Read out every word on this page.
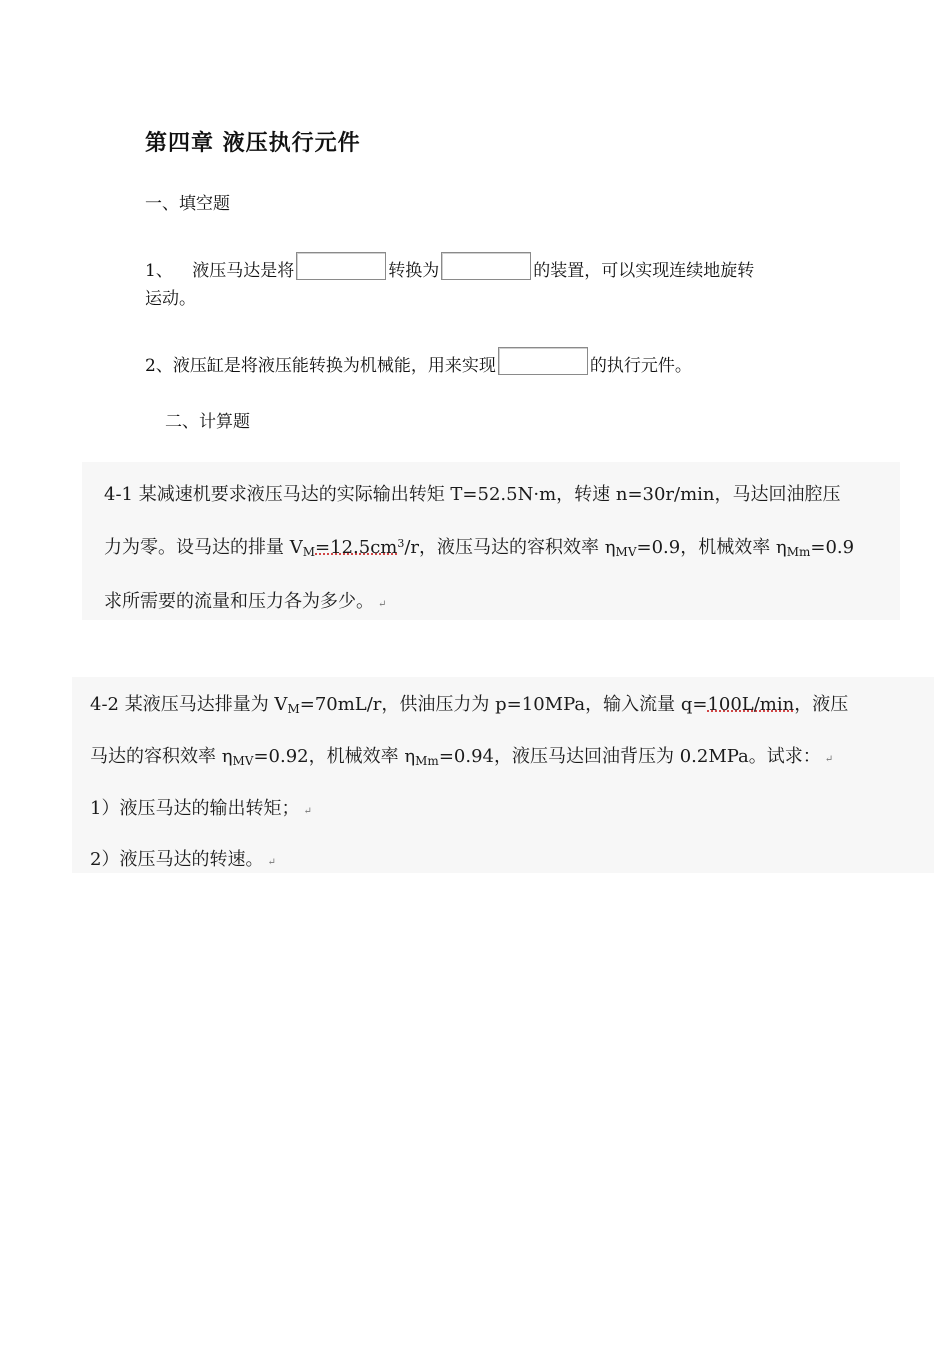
第四章 液压执行元件
一、填空题
1、 液压马达是将	转换为	的装置，可以实现连续地旋转
运动。
2、液压缸是将液压能转换为机械能，用来实现	的执行元件。
二、计算题
4-1 某减速机要求液压马达的实际输出转矩 T=52.5N·m，转速 n=30r/min，马达回油腔压
力为零。设马达的排量 $V_M=12.5cm^3/r$，液压马达的容积效率 $\eta_{MV}=0.9$，机械效率 $\eta_{Mm}=0.9$
求所需要的流量和压力各为多少。 ↵
4-2 某液压马达排量为 $V_M=70mL/r$，供油压力为 p=10MPa，输入流量 q=100L/min，液压
马达的容积效率 $\eta_{MV}=0.92$，机械效率 $\eta_{Mm}=0.94$，液压马达回油背压为 0.2MPa。试求： ↵
1）液压马达的输出转矩； ↵
2）液压马达的转速。 ↵
